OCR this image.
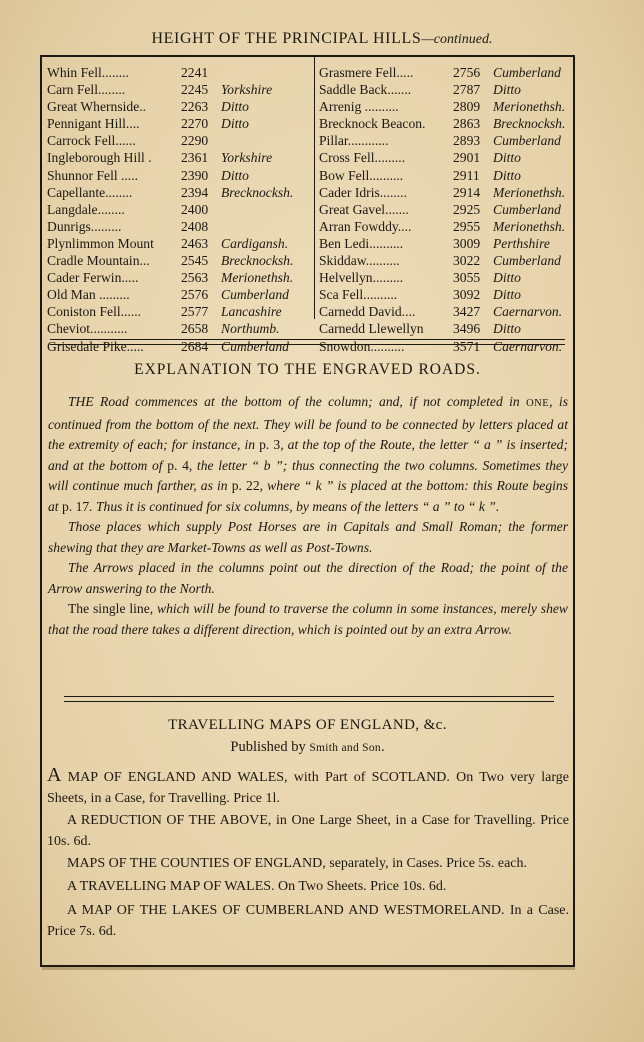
HEIGHT OF THE PRINCIPAL HILLS—continued.
Whin Fell........	2241
Carn Fell........	2245 Yorkshire
Great Whernside..	2263 Ditto
Pennigant Hill....	2270 Ditto
Carrock Fell......	2290
Ingleborough Hill .	2361 Yorkshire
Shunnor Fell .....	2390 Ditto
Capellante........	2394 Brecknocksh.
Langdale........	2400
Dunrigs.........	2408
Plynlimmon Mount	2463 Cardigansh.
Cradle Mountain...	2545 Brecknocksh.
Cader Ferwin.....	2563 Merionethsh.
Old Man .........	2576 Cumberland
Coniston Fell......	2577 Lancashire
Cheviot...........	2658 Northumb.
Grisedale Pike.....	2684 Cumberland
Grasmere Fell.....	2756 Cumberland
Saddle Back.......	2787 Ditto
Arrenig ..........	2809 Merionethsh.
Brecknock Beacon.	2863 Brecknocksh.
Pillar............	2893 Cumberland
Cross Fell.........	2901 Ditto
Bow Fell..........	2911 Ditto
Cader Idris........	2914 Merionethsh.
Great Gavel.......	2925 Cumberland
Arran Fowddy....	2955 Merionethsh.
Ben Ledi..........	3009 Perthshire
Skiddaw..........	3022 Cumberland
Helvellyn.........	3055 Ditto
Sca Fell..........	3092 Ditto
Carnedd David....	3427 Caernarvon.
Carnedd Llewellyn	3496 Ditto
Snowdon..........	3571 Caernarvon.
EXPLANATION TO THE ENGRAVED ROADS.

THE Road commences at the bottom of the column; and, if not completed in ONE, is continued from the bottom of the next. They will be found to be connected by letters placed at the extremity of each; for instance, in p. 3, at the top of the Route, the letter “ a ” is inserted; and at the bottom of p. 4, the letter “ b ”; thus connecting the two columns. Sometimes they will continue much farther, as in p. 22, where “ k ” is placed at the bottom: this Route begins at p. 17. Thus it is continued for six columns, by means of the letters “ a ” to “ k ”.

Those places which supply Post Horses are in Capitals and Small Roman; the former shewing that they are Market-Towns as well as Post-Towns.

The Arrows placed in the columns point out the direction of the Road; the point of the Arrow answering to the North.

The single line, which will be found to traverse the column in some instances, merely shew that the road there takes a different direction, which is pointed out by an extra Arrow.

TRAVELLING MAPS OF ENGLAND, &c.
Published by Smith and Son.

A MAP OF ENGLAND AND WALES, with Part of SCOTLAND. On Two very large Sheets, in a Case, for Travelling. Price 1l.

A REDUCTION OF THE ABOVE, in One Large Sheet, in a Case for Travelling. Price 10s. 6d.

MAPS OF THE COUNTIES OF ENGLAND, separately, in Cases. Price 5s. each.

A TRAVELLING MAP OF WALES. On Two Sheets. Price 10s. 6d.

A MAP OF THE LAKES OF CUMBERLAND AND WESTMORELAND. In a Case. Price 7s. 6d.
